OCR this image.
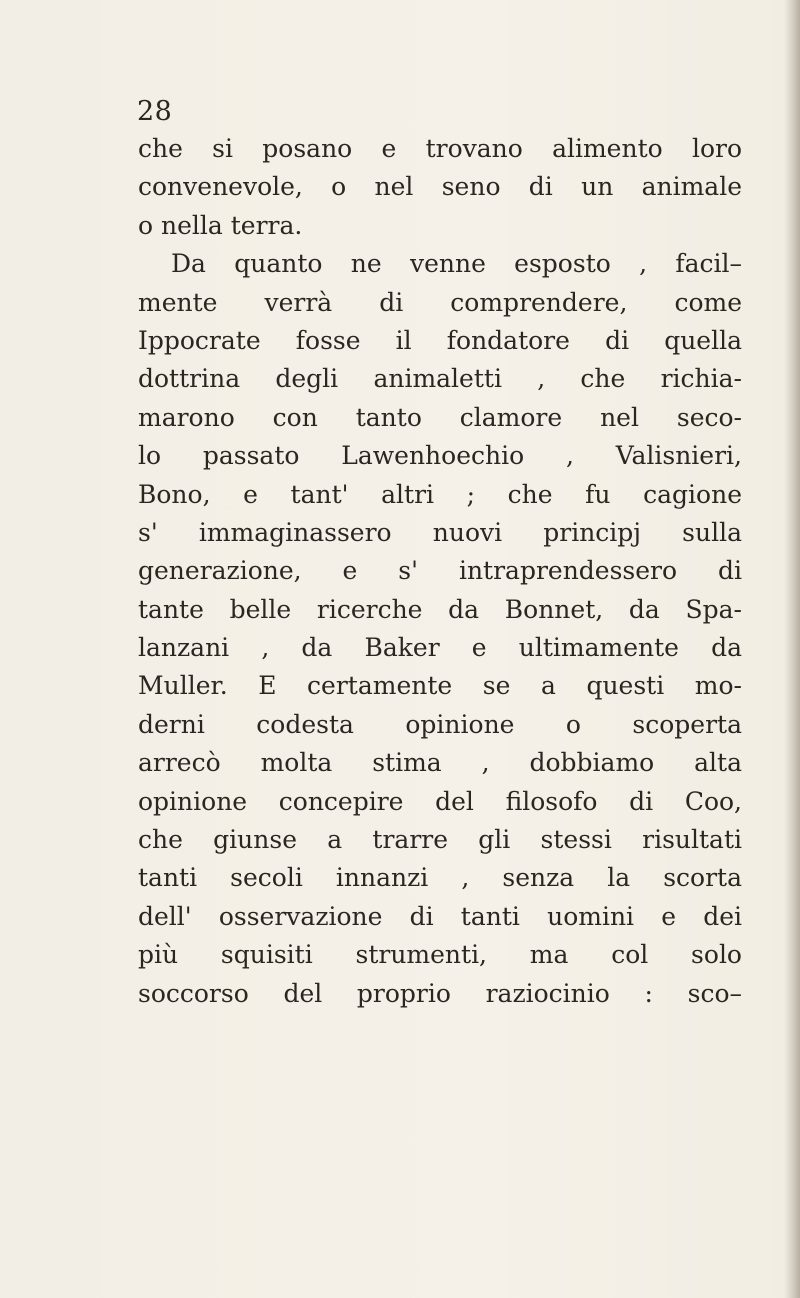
28
che si posano e trovano alimento loro
convenevole, o nel seno di un animale
o nella terra.
Da quanto ne venne esposto , facil–
mente verrà di comprendere, come
Ippocrate fosse il fondatore di quella
dottrina degli animaletti , che richia-
marono con tanto clamore nel seco-
lo passato Lawenhoechio , Valisnieri,
Bono, e tant' altri ; che fu cagione
s' immaginassero nuovi principj sulla
generazione, e s' intraprendessero di
tante belle ricerche da Bonnet, da Spa-
lanzani , da Baker e ultimamente da
Muller. E certamente se a questi mo-
derni codesta opinione o scoperta
arrecò molta stima , dobbiamo alta
opinione concepire del filosofo di Coo,
che giunse a trarre gli stessi risultati
tanti secoli innanzi , senza la scorta
dell' osservazione di tanti uomini e dei
più squisiti strumenti, ma col solo
soccorso del proprio raziocinio : sco–
